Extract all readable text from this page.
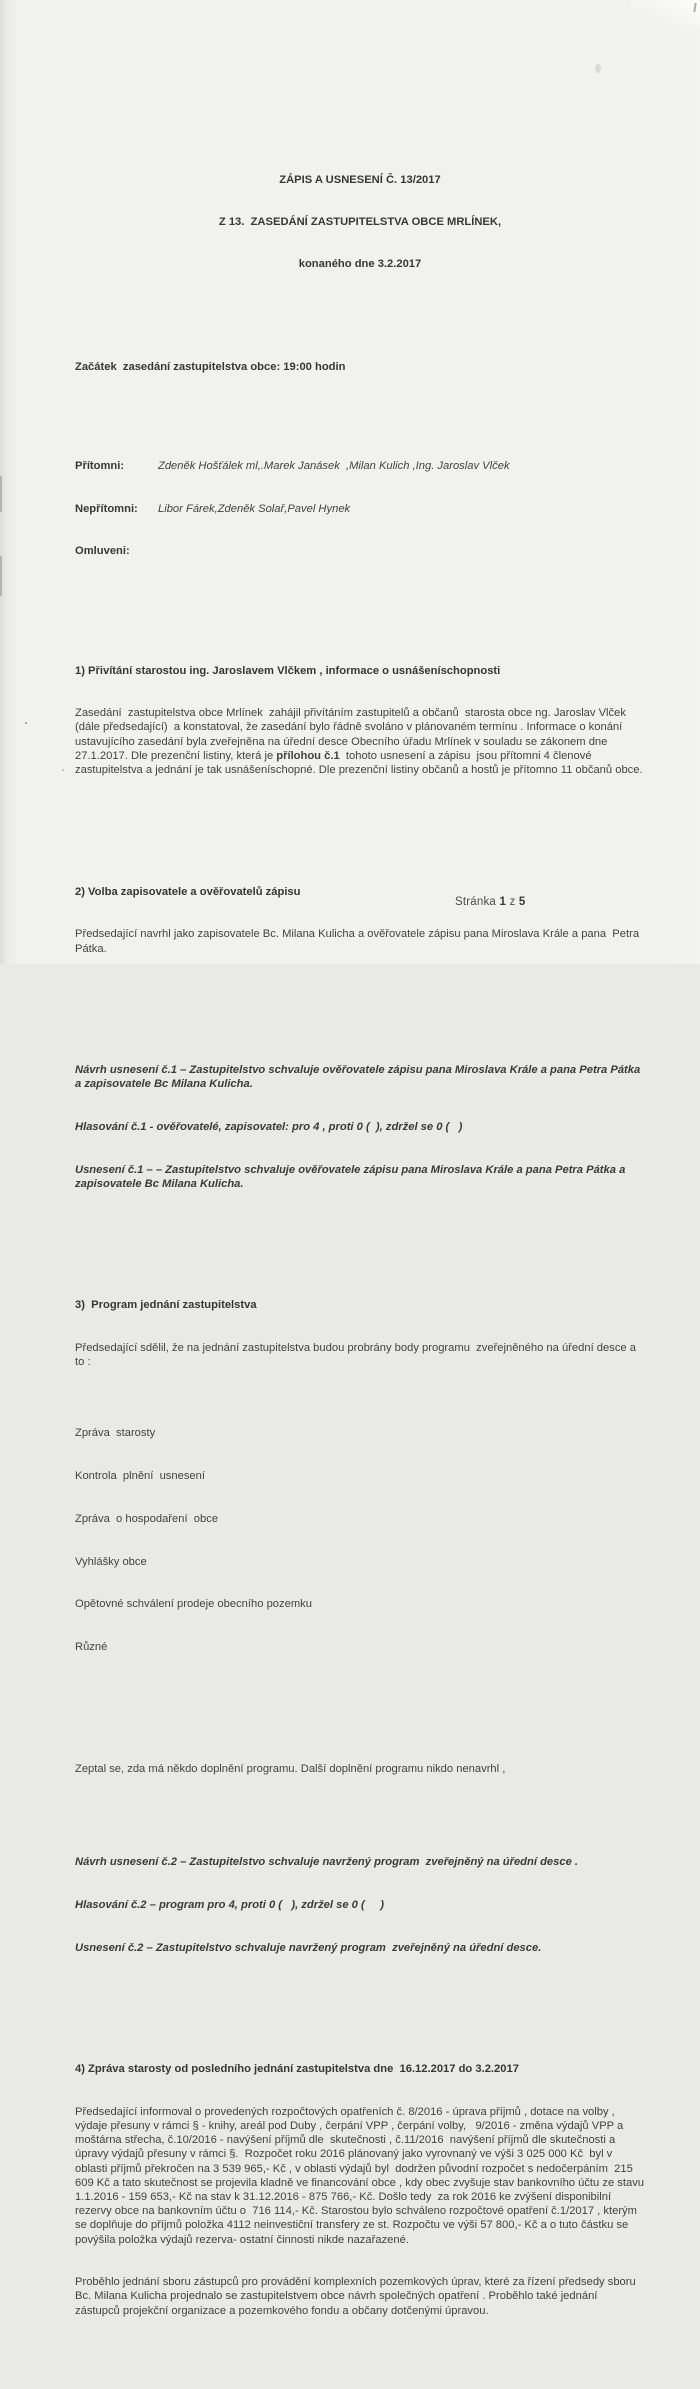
ZÁPIS A USNESENÍ Č. 13/2017

Z 13.  ZASEDÁNÍ ZASTUPITELSTVA OBCE MRLÍNEK,

konaného dne 3.2.2017

Začátek  zasedání zastupitelstva obce: 19:00 hodin

Přítomni:	Zdeněk Hošťálek ml,.Marek Janásek  ,Milan Kulich ,Ing. Jaroslav Vlček

Nepřítomni:	Libor Fárek,Zdeněk Solař,Pavel Hynek

Omluveni:

1) Přivítání starostou ing. Jaroslavem Vlčkem , informace o usnášeníschopnosti

Zasedání  zastupitelstva obce Mrlínek  zahájil přivítáním zastupitelů a občanů  starosta obce ng. Jaroslav Vlček (dále předsedající)  a konstatoval, že zasedání bylo řádně svoláno v plánovaném termínu . Informace o konání ustavujícího zasedání byla zveřejněna na úřední desce Obecního úřadu Mrlínek v souladu se zákonem dne 27.1.2017. Dle prezenční listiny, která je přílohou č.1  tohoto usnesení a zápisu  jsou přítomni 4 členové zastupitelstva a jednání je tak usnášeníschopné. Dle prezenční listiny občanů a hostů je přítomno 11 občanů obce.

2) Volba zapisovatele a ověřovatelů zápisu

Předsedající navrhl jako zapisovatele Bc. Milana Kulicha a ověřovatele zápisu pana Miroslava Krále a pana  Petra Pátka.

Návrh usnesení č.1 – Zastupitelstvo schvaluje ověřovatele zápisu pana Miroslava Krále a pana Petra Pátka a zapisovatele Bc Milana Kulicha.

Hlasování č.1 - ověřovatelé, zapisovatel: pro 4 , proti 0 (  ), zdržel se 0 (   )

Usnesení č.1 – – Zastupitelstvo schvaluje ověřovatele zápisu pana Miroslava Krále a pana Petra Pátka a zapisovatele Bc Milana Kulicha.

3)  Program jednání zastupitelstva

Předsedající sdělil, že na jednání zastupitelstva budou probrány body programu  zveřejněného na úřední desce a to :

Zpráva  starosty

Kontrola  plnění  usnesení

Zpráva  o hospodaření  obce

Vyhlášky obce

Opětovné schválení prodeje obecního pozemku

Různé

Zeptal se, zda má někdo doplnění programu. Další doplnění programu nikdo nenavrhl ,

Návrh usnesení č.2 – Zastupitelstvo schvaluje navržený program  zveřejněný na úřední desce .

Hlasování č.2 – program pro 4, proti 0 (   ), zdržel se 0 (     )

Usnesení č.2 – Zastupitelstvo schvaluje navržený program  zveřejněný na úřední desce.

4) Zpráva starosty od posledního jednání zastupitelstva dne  16.12.2017 do 3.2.2017

Předsedající informoval o provedených rozpočtových opatřeních č. 8/2016 - úprava příjmů , dotace na volby , výdaje přesuny v rámci § - knihy, areál pod Duby , čerpání VPP , čerpání volby,   9/2016 - změna výdajů VPP a moštárna střecha, č.10/2016 - navýšení příjmů dle  skutečnosti , č.11/2016  navýšení příjmů dle skutečnosti a úpravy výdajů přesuny v rámci §.  Rozpočet roku 2016 plánovaný jako vyrovnaný ve výši 3 025 000 Kč  byl v oblasti příjmů překročen na 3 539 965,- Kč , v oblasti výdajů byl  dodržen původní rozpočet s nedočerpáním  215 609 Kč a tato skutečnost se projevila kladně ve financování obce , kdy obec zvyšuje stav bankovního účtu ze stavu 1.1.2016 - 159 653,- Kč na stav k 31.12.2016 - 875 766,- Kč. Došlo tedy  za rok 2016 ke zvýšení disponibilní rezervy obce na bankovním účtu o  716 114,- Kč. Starostou bylo schváleno rozpočtové opatření č.1/2017 , kterým se doplňuje do příjmů položka 4112 neinvestiční transfery ze st. Rozpočtu ve výši 57 800,- Kč a o tuto částku se povýšila položka výdajů rezerva- ostatní činnosti nikde nazařazené.

Proběhlo jednání sboru zástupců pro provádění komplexních pozemkových úprav, které za řízení předsedy sboru  Bc. Milana Kulicha projednalo se zastupitelstvem obce návrh společných opatření . Proběhlo také jednání zástupců projekční organizace a pozemkového fondu a občany dotčenými úpravou.

Stránka 1 z 5
